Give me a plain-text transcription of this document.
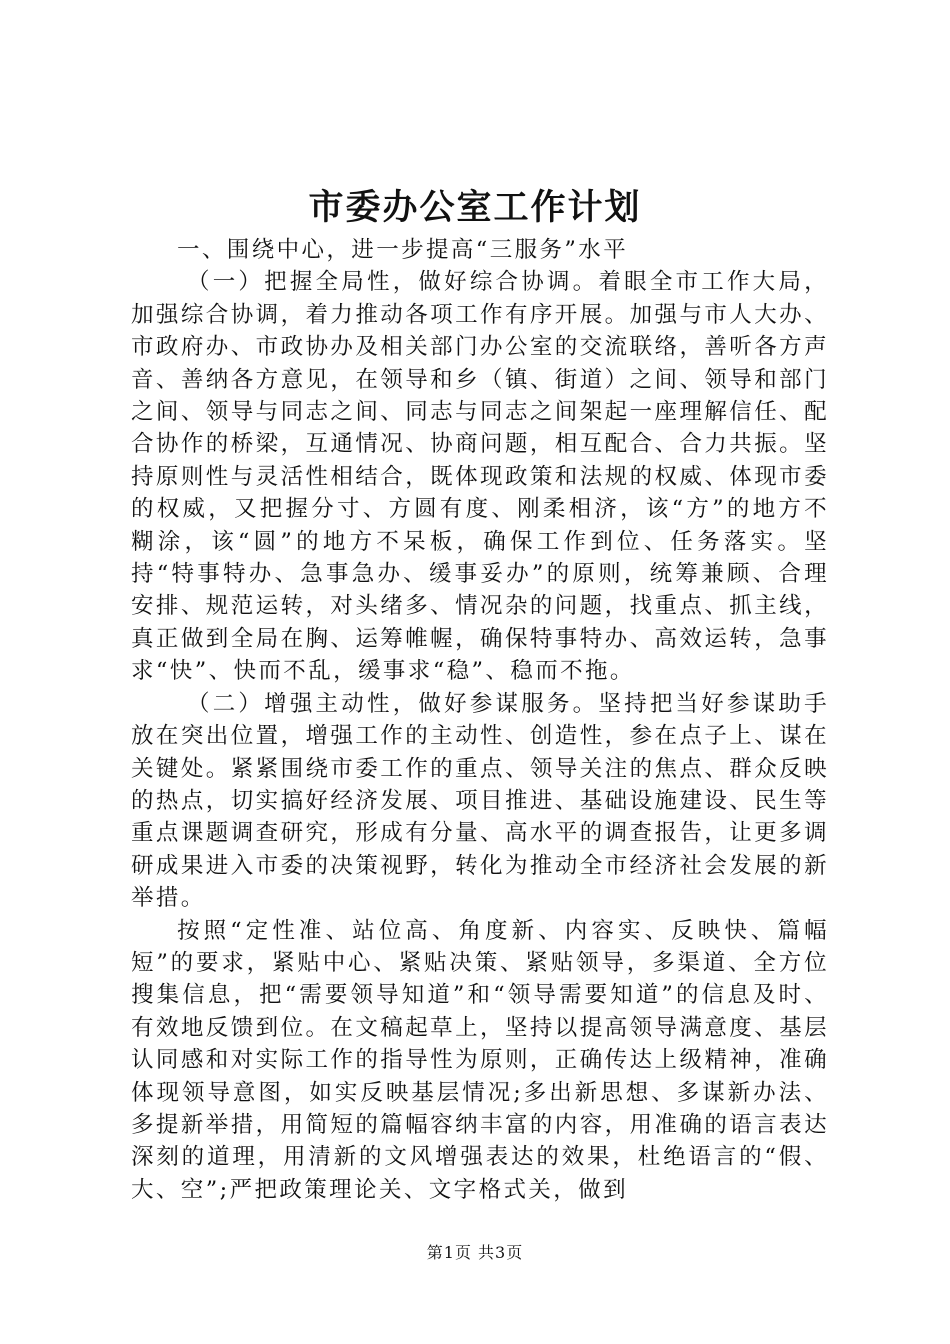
市委办公室工作计划

一、围绕中心，进一步提高“三服务”水平

（一）把握全局性，做好综合协调。着眼全市工作大局，加强综合协调，着力推动各项工作有序开展。加强与市人大办、市政府办、市政协办及相关部门办公室的交流联络，善听各方声音、善纳各方意见，在领导和乡（镇、街道）之间、领导和部门之间、领导与同志之间、同志与同志之间架起一座理解信任、配合协作的桥梁，互通情况、协商问题，相互配合、合力共振。坚持原则性与灵活性相结合，既体现政策和法规的权威、体现市委的权威，又把握分寸、方圆有度、刚柔相济，该“方”的地方不糊涂，该“圆”的地方不呆板，确保工作到位、任务落实。坚持“特事特办、急事急办、缓事妥办”的原则，统筹兼顾、合理安排、规范运转，对头绪多、情况杂的问题，找重点、抓主线，真正做到全局在胸、运筹帷幄，确保特事特办、高效运转，急事求“快”、快而不乱，缓事求“稳”、稳而不拖。

（二）增强主动性，做好参谋服务。坚持把当好参谋助手放在突出位置，增强工作的主动性、创造性，参在点子上、谋在关键处。紧紧围绕市委工作的重点、领导关注的焦点、群众反映的热点，切实搞好经济发展、项目推进、基础设施建设、民生等重点课题调查研究，形成有分量、高水平的调查报告，让更多调研成果进入市委的决策视野，转化为推动全市经济社会发展的新举措。

按照“定性准、站位高、角度新、内容实、反映快、篇幅短”的要求，紧贴中心、紧贴决策、紧贴领导，多渠道、全方位搜集信息，把“需要领导知道”和“领导需要知道”的信息及时、有效地反馈到位。在文稿起草上，坚持以提高领导满意度、基层认同感和对实际工作的指导性为原则，正确传达上级精神，准确体现领导意图，如实反映基层情况;多出新思想、多谋新办法、多提新举措，用简短的篇幅容纳丰富的内容，用准确的语言表达深刻的道理，用清新的文风增强表达的效果，杜绝语言的“假、大、空”;严把政策理论关、文字格式关，做到

第1页 共3页
